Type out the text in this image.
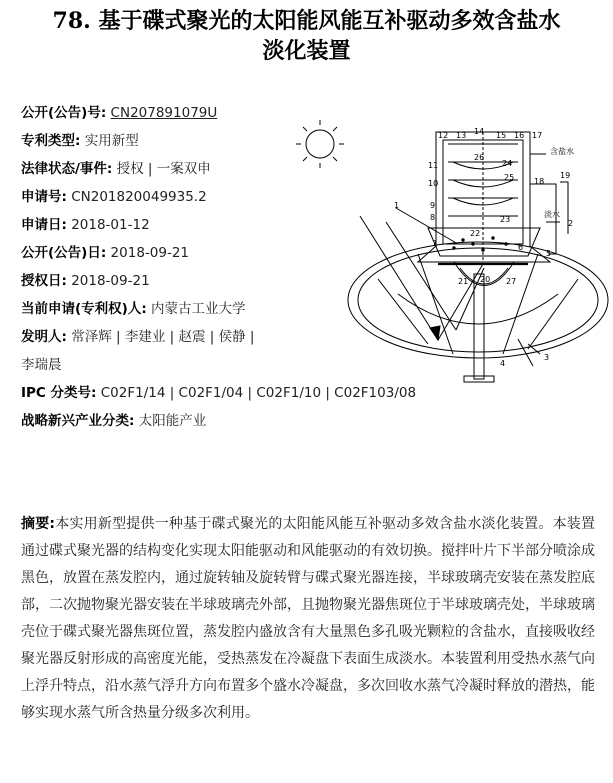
78. 基于碟式聚光的太阳能风能互补驱动多效含盐水
淡化装置
公开(公告)号: CN207891079U
专利类型: 实用新型
法律状态/事件: 授权 | 一案双申
申请号: CN201820049935.2
申请日: 2018-01-12
公开(公告)日: 2018-09-21
授权日: 2018-09-21
当前申请(专利权)人: 内蒙古工业大学
发明人: 常泽辉 | 李建业 | 赵震 | 侯静 |
李瑞晨
IPC 分类号: C02F1/14 | C02F1/04 | C02F1/10 | C02F103/08
战略新兴产业分类: 太阳能产业
含盐水
淡水
1
2
3
4
5
6
7
8
9
10
11
12 13 14 15 16 17
18
19
20
21
22
23
24
25
26
27
摘要:本实用新型提供一种基于碟式聚光的太阳能风能互补驱动多效含盐水淡化装置。本装置通过碟式聚光器的结构变化实现太阳能驱动和风能驱动的有效切换。搅拌叶片下半部分喷涂成黑色，放置在蒸发腔内，通过旋转轴及旋转臂与碟式聚光器连接，半球玻璃壳安装在蒸发腔底部，二次抛物聚光器安装在半球玻璃壳外部，且抛物聚光器焦斑位于半球玻璃壳处，半球玻璃壳位于碟式聚光器焦斑位置，蒸发腔内盛放含有大量黑色多孔吸光颗粒的含盐水，直接吸收经聚光器反射形成的高密度光能，受热蒸发在冷凝盘下表面生成淡水。本装置利用受热水蒸气向上浮升特点，沿水蒸气浮升方向布置多个盛水冷凝盘，多次回收水蒸气冷凝时释放的潜热，能够实现水蒸气所含热量分级多次利用。
